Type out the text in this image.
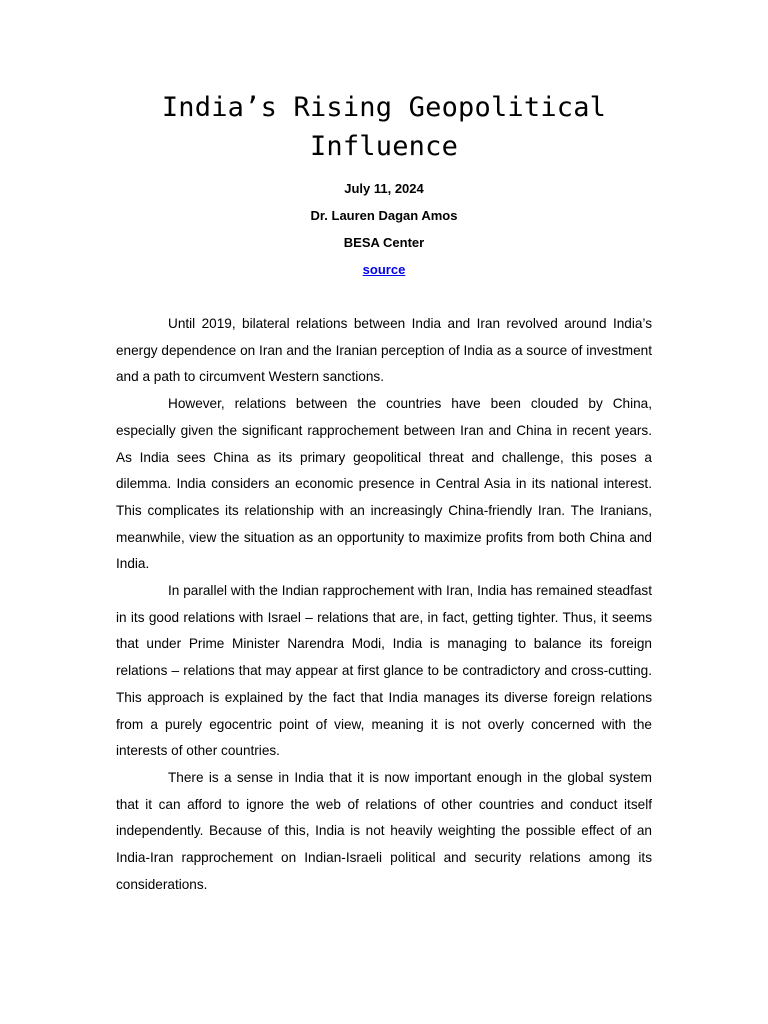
India’s Rising Geopolitical Influence
July 11, 2024
Dr. Lauren Dagan Amos
BESA Center
source

Until 2019, bilateral relations between India and Iran revolved around India’s energy dependence on Iran and the Iranian perception of India as a source of investment and a path to circumvent Western sanctions.

However, relations between the countries have been clouded by China, especially given the significant rapprochement between Iran and China in recent years. As India sees China as its primary geopolitical threat and challenge, this poses a dilemma. India considers an economic presence in Central Asia in its national interest. This complicates its relationship with an increasingly China-friendly Iran. The Iranians, meanwhile, view the situation as an opportunity to maximize profits from both China and India.

In parallel with the Indian rapprochement with Iran, India has remained steadfast in its good relations with Israel – relations that are, in fact, getting tighter. Thus, it seems that under Prime Minister Narendra Modi, India is managing to balance its foreign relations – relations that may appear at first glance to be contradictory and cross-cutting. This approach is explained by the fact that India manages its diverse foreign relations from a purely egocentric point of view, meaning it is not overly concerned with the interests of other countries.

There is a sense in India that it is now important enough in the global system that it can afford to ignore the web of relations of other countries and conduct itself independently. Because of this, India is not heavily weighting the possible effect of an India-Iran rapprochement on Indian-Israeli political and security relations among its considerations.
